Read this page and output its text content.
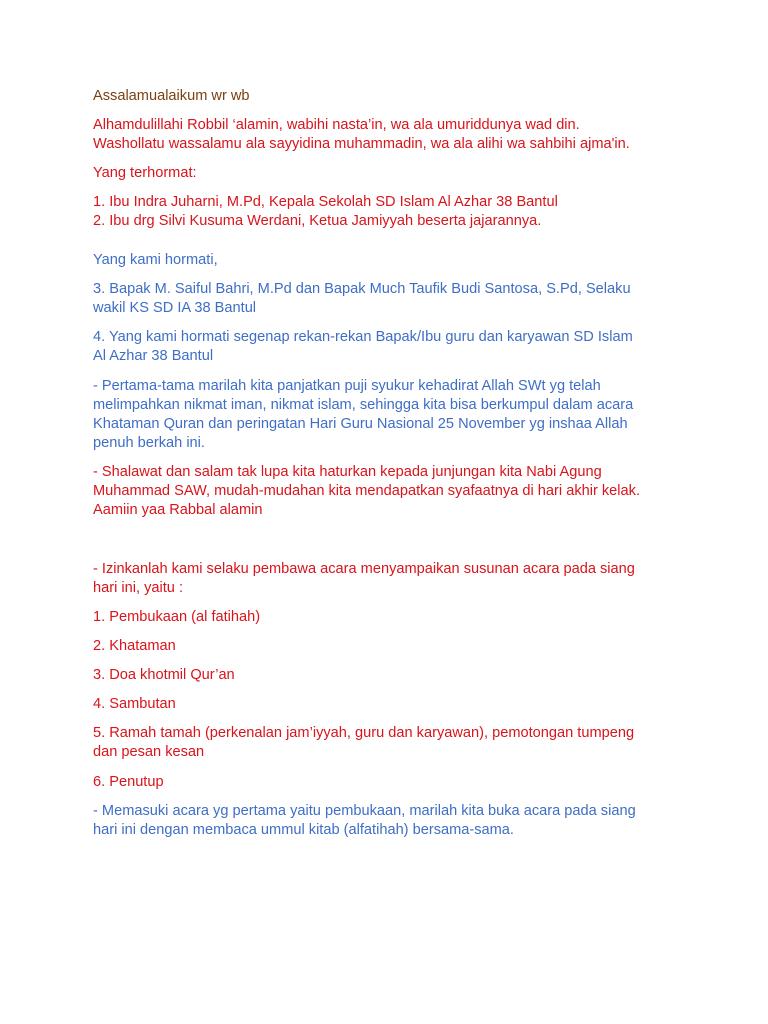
Assalamualaikum wr wb

Alhamdulillahi Robbil ‘alamin, wabihi nasta’in, wa ala umuriddunya wad din.
Washollatu wassalamu ala sayyidina muhammadin, wa ala alihi wa sahbihi ajma'in.

Yang terhormat:

1. Ibu Indra Juharni, M.Pd, Kepala Sekolah SD Islam Al Azhar 38 Bantul
2. Ibu drg Silvi Kusuma Werdani, Ketua Jamiyyah beserta jajarannya.

Yang kami hormati,

3. Bapak M. Saiful Bahri, M.Pd dan Bapak Much Taufik Budi Santosa, S.Pd, Selaku
wakil KS SD IA 38 Bantul

4. Yang kami hormati segenap rekan-rekan Bapak/Ibu guru dan karyawan SD Islam
Al Azhar 38 Bantul

- Pertama-tama marilah kita panjatkan puji syukur kehadirat Allah SWt yg telah
melimpahkan nikmat iman, nikmat islam, sehingga kita bisa berkumpul dalam acara
Khataman Quran dan peringatan Hari Guru Nasional 25 November yg inshaa Allah
penuh berkah ini.

- Shalawat dan salam tak lupa kita haturkan kepada junjungan kita Nabi Agung
Muhammad SAW, mudah-mudahan kita mendapatkan syafaatnya di hari akhir kelak.
Aamiin yaa Rabbal alamin

- Izinkanlah kami selaku pembawa acara menyampaikan susunan acara pada siang
hari ini, yaitu :

1. Pembukaan (al fatihah)

2. Khataman

3. Doa khotmil Qur’an

4. Sambutan

5. Ramah tamah (perkenalan jam’iyyah, guru dan karyawan), pemotongan tumpeng
dan pesan kesan

6. Penutup

- Memasuki acara yg pertama yaitu pembukaan, marilah kita buka acara pada siang
hari ini dengan membaca ummul kitab (alfatihah) bersama-sama.
